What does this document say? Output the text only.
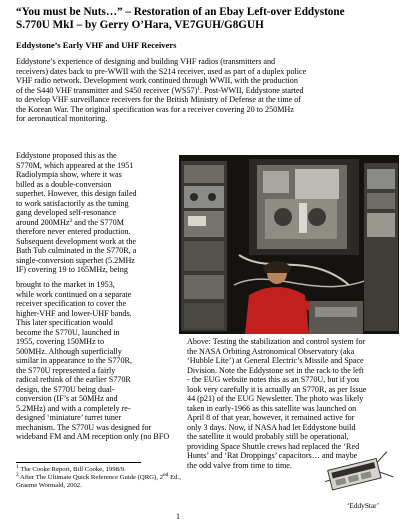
“You must be Nuts…” – Restoration of an Ebay Left-over Eddystone
S.770U MkI – by Gerry O’Hara, VE7GUH/G8GUH
Eddystone’s Early VHF and UHF Receivers

Eddystone’s experience of designing and building VHF radios (transmitters and

receivers) dates back to pre-WWII with the S214 receiver, used as part of a duplex police

VHF radio network. Development work continued through WWII, with the production

of the S440 VHF transmitter and S450 receiver $(WS57)^1$. Post-WWII, Eddystone started

to develop VHF surveillance receivers for the British Ministry of Defense at the time of

the Korean War. The original specification was for a receiver covering 20 to 250MHz

for aeronautical monitoring.

Eddystone proposed this as the

S770M, which appeared at the 1951

Radiolympia show, where it was

billed as a double-conversion

superhet. However, this design failed

to work satisfactorily as the tuning

gang developed self-resonance

around 200MHz$^2$ and the S770M

therefore never entered production.

Subsequent development work at the

Bath Tub culminated in the S770R, a

single-conversion superhet (5.2MHz

IF) covering 19 to 165MHz, being

brought to the market in 1953,

while work continued on a separate

receiver specification to cover the

higher-VHF and lower-UHF bands.

This later specification would

become the S770U, launched in

1955, covering 150MHz to

500MHz. Although superficially

similar in appearance to the S770R,

the S770U represented a fairly

radical rethink of the earlier S770R

design, the S770U being dual-

conversion (IF’s at 50MHz and

5.2MHz) and with a completely re-

designed ‘miniature’ turret tuner

mechanism. The S770U was designed for

wideband FM and AM reception only (no BFO

Above: Testing the stabilization and control system for

the NASA Orbiting Astronomical Observatory (aka

‘Hubble Lite’) at General Electric’s Missile and Space

Division. Note the Eddystone set in the rack to the left

- the EUG website notes this as an S770U, but if you

look very carefully it is actually an S770R, as per Issue

44 (p21) of the EUG Newsletter. The photo was likely

taken in early-1966 as this satellite was launched on

April 8 of that year, however, it remained active for

only 3 days. Now, if NASA had let Eddystone build

the satellite it would probably still be operational,

providing Space Shuttle crews had replaced the ‘Red

Hunts’ and ‘Rat Droppings’ capacitors… and maybe

the odd valve from time to time.

$^1$ The Cooke Report, Bill Cooke, 1998/9.

$^2$ After The Ultimate Quick Reference Guide (QRG), 2nd Ed.,

Graeme Wormald, 2002.

‘EddyStar’
1
